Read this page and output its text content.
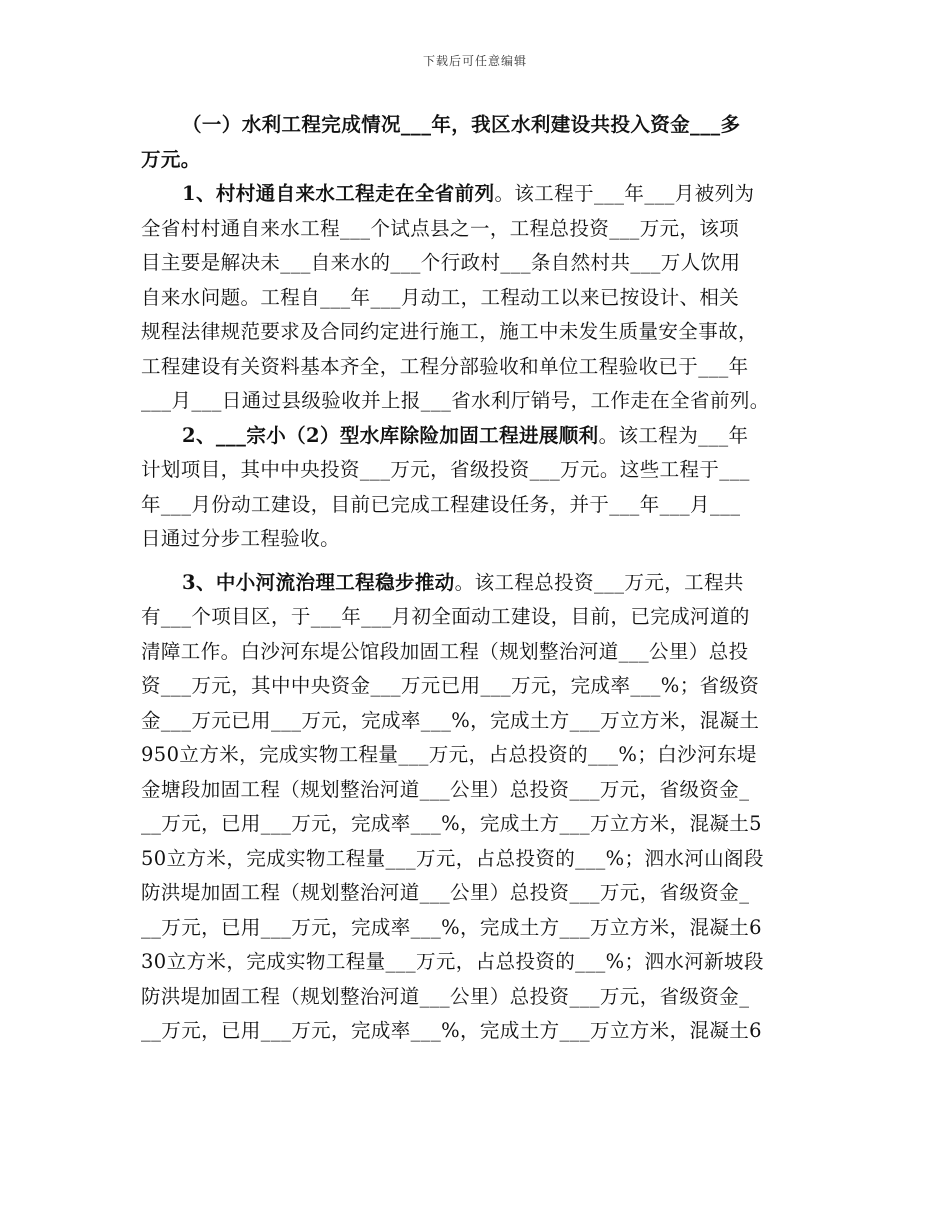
下载后可任意编辑
（一）水利工程完成情况___年，我区水利建设共投入资金___多
万元。
1、村村通自来水工程走在全省前列。该工程于___年___月被列为
全省村村通自来水工程___个试点县之一，工程总投资___万元，该项
目主要是解决未___自来水的___个行政村___条自然村共___万人饮用
自来水问题。工程自___年___月动工，工程动工以来已按设计、相关
规程法律规范要求及合同约定进行施工，施工中未发生质量安全事故，
工程建设有关资料基本齐全，工程分部验收和单位工程验收已于___年
___月___日通过县级验收并上报___省水利厅销号，工作走在全省前列。
2、___宗小（2）型水库除险加固工程进展顺利。该工程为___年
计划项目，其中中央投资___万元，省级投资___万元。这些工程于___
年___月份动工建设，目前已完成工程建设任务，并于___年___月___
日通过分步工程验收。
3、中小河流治理工程稳步推动。该工程总投资___万元，工程共
有___个项目区，于___年___月初全面动工建设，目前，已完成河道的
清障工作。白沙河东堤公馆段加固工程（规划整治河道___公里）总投
资___万元，其中中央资金___万元已用___万元，完成率___%；省级资
金___万元已用___万元，完成率___%，完成土方___万立方米，混凝土
950立方米，完成实物工程量___万元，占总投资的___%；白沙河东堤
金塘段加固工程（规划整治河道___公里）总投资___万元，省级资金_
__万元，已用___万元，完成率___%，完成土方___万立方米，混凝土5
50立方米，完成实物工程量___万元，占总投资的___%；泗水河山阁段
防洪堤加固工程（规划整治河道___公里）总投资___万元，省级资金_
__万元，已用___万元，完成率___%，完成土方___万立方米，混凝土6
30立方米，完成实物工程量___万元，占总投资的___%；泗水河新坡段
防洪堤加固工程（规划整治河道___公里）总投资___万元，省级资金_
__万元，已用___万元，完成率___%，完成土方___万立方米，混凝土6
